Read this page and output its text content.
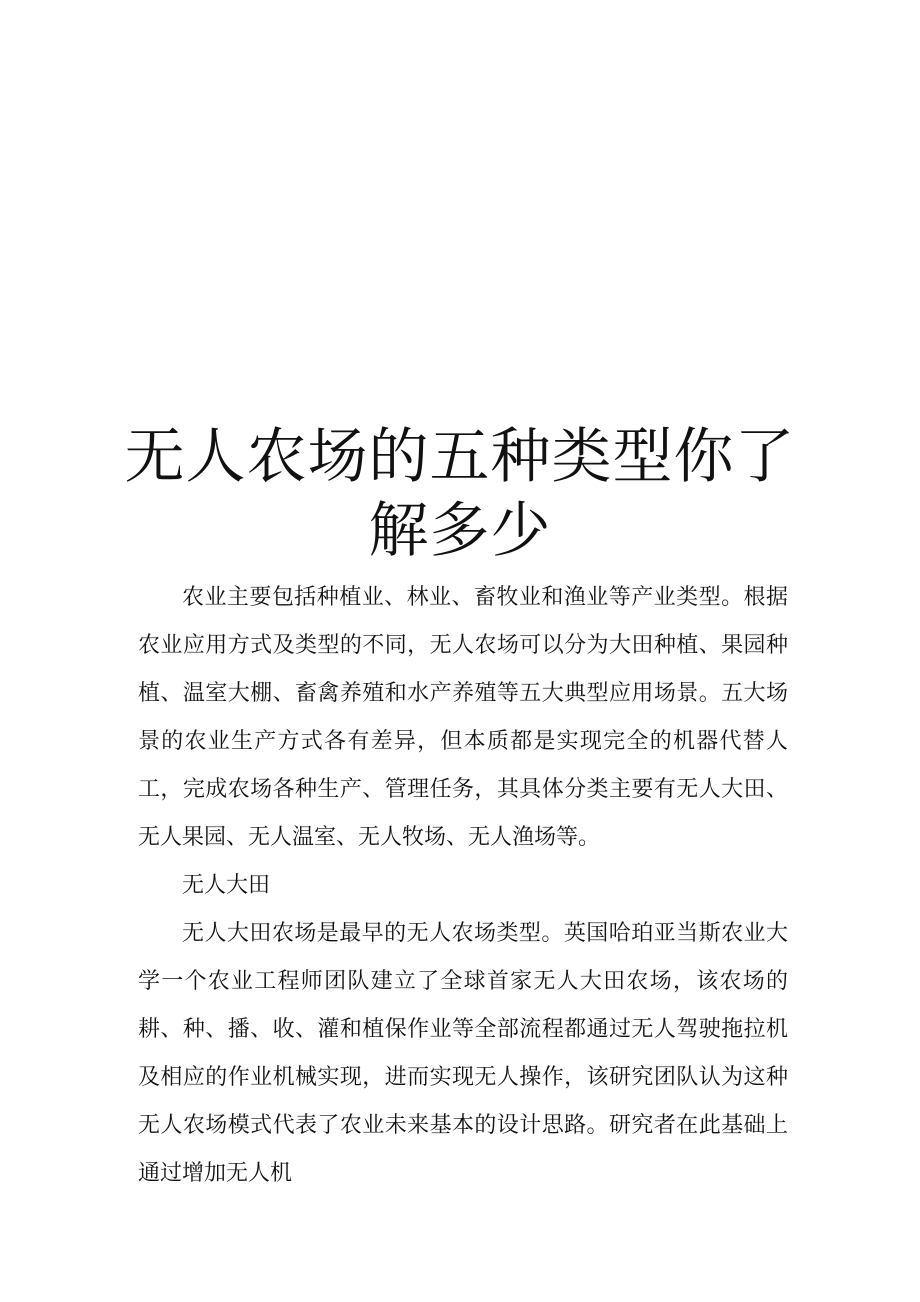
无人农场的五种类型你了
解多少

农业主要包括种植业、林业、畜牧业和渔业等产业类型。根据农业应用方式及类型的不同，无人农场可以分为大田种植、果园种植、温室大棚、畜禽养殖和水产养殖等五大典型应用场景。五大场景的农业生产方式各有差异，但本质都是实现完全的机器代替人工，完成农场各种生产、管理任务，其具体分类主要有无人大田、无人果园、无人温室、无人牧场、无人渔场等。

无人大田

无人大田农场是最早的无人农场类型。英国哈珀亚当斯农业大学一个农业工程师团队建立了全球首家无人大田农场，该农场的耕、种、播、收、灌和植保作业等全部流程都通过无人驾驶拖拉机及相应的作业机械实现，进而实现无人操作，该研究团队认为这种无人农场模式代表了农业未来基本的设计思路。研究者在此基础上通过增加无人机
